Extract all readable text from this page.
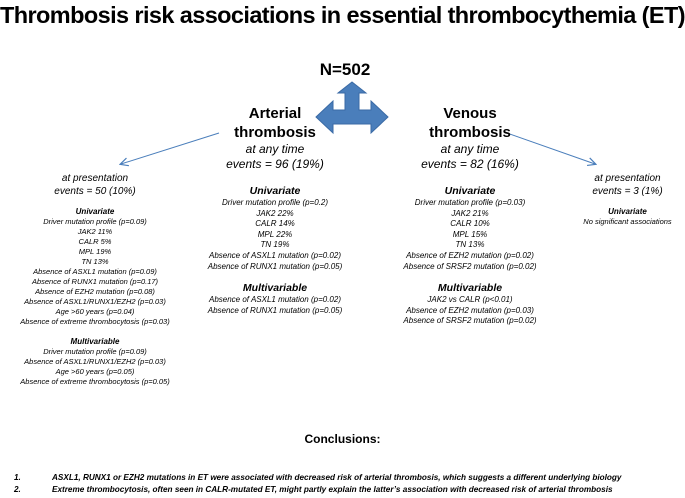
Thrombosis risk associations in essential thrombocythemia (ET)
N=502
Arterial
thrombosis
at any time
events = 96 (19%)
Univariate
Driver mutation profile (p=0.2)
JAK2 22%
CALR 14%
MPL 22%
TN 19%
Absence of ASXL1 mutation (p=0.02)
Absence of RUNX1 mutation (p=0.05)
Multivariable
Absence of ASXL1 mutation (p=0.02)
Absence of RUNX1 mutation (p=0.05)
at presentation
events = 50 (10%)
Univariate
Driver mutation profile (p=0.09)
JAK2 11%
CALR 5%
MPL 19%
TN 13%
Absence of ASXL1 mutation (p=0.09)
Absence of RUNX1 mutation (p=0.17)
Absence of EZH2 mutation (p=0.08)
Absence of ASXL1/RUNX1/EZH2 (p=0.03)
Age >60 years (p=0.04)
Absence of extreme thrombocytosis (p=0.03)
Multivariable
Driver mutation profile (p=0.09)
Absence of ASXL1/RUNX1/EZH2 (p=0.03)
Age >60 years (p=0.05)
Absence of extreme thrombocytosis (p=0.05)
Venous
thrombosis
at any time
events = 82 (16%)
Univariate
Driver mutation profile (p=0.03)
JAK2 21%
CALR 10%
MPL 15%
TN 13%
Absence of EZH2 mutation (p=0.02)
Absence of SRSF2 mutation (p=0.02)
Multivariable
JAK2 vs CALR (p<0.01)
Absence of EZH2 mutation (p=0.03)
Absence of SRSF2 mutation (p=0.02)
at presentation
events = 3 (1%)
Univariate
No significant associations
Conclusions:
1.	ASXL1, RUNX1 or EZH2 mutations in ET were associated with decreased risk of arterial thrombosis, which suggests a different underlying biology
2.	Extreme thrombocytosis, often seen in CALR-mutated ET, might partly explain the latter’s association with decreased risk of arterial thrombosis
